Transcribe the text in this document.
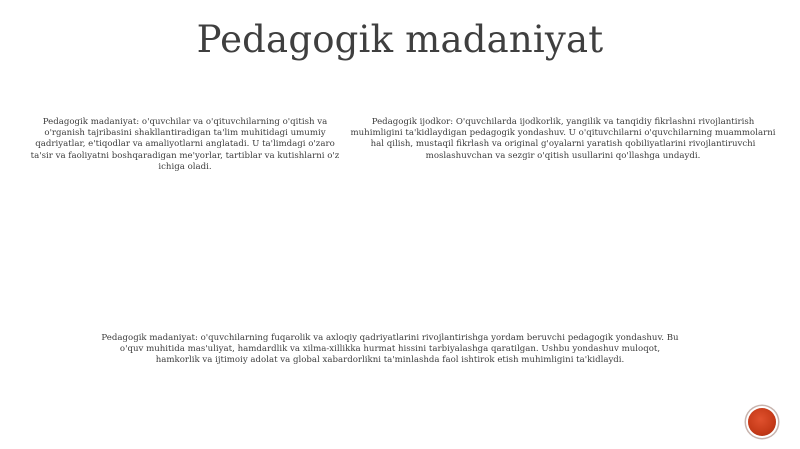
Pedagogik madaniyat

Pedagogik madaniyat: o'quvchilar va o'qituvchilarning o'qitish va o'rganish tajribasini shakllantiradigan ta'lim muhitidagi umumiy qadriyatlar, e'tiqodlar va amaliyotlarni anglatadi. U ta'limdagi o'zaro ta'sir va faoliyatni boshqaradigan me'yorlar, tartiblar va kutishlarni o'z ichiga oladi.

Pedagogik ijodkor: O'quvchilarda ijodkorlik, yangilik va tanqidiy fikrlashni rivojlantirish muhimligini ta'kidlaydigan pedagogik yondashuv. U o'qituvchilarni o'quvchilarning muammolarni hal qilish, mustaqil fikrlash va original g'oyalarni yaratish qobiliyatlarini rivojlantiruvchi moslashuvchan va sezgir o'qitish usullarini qo'llashga undaydi.

Pedagogik madaniyat: o'quvchilarning fuqarolik va axloqiy qadriyatlarini rivojlantirishga yordam beruvchi pedagogik yondashuv. Bu o'quv muhitida mas'uliyat, hamdardlik va xilma-xillikka hurmat hissini tarbiyalashga qaratilgan. Ushbu yondashuv muloqot, hamkorlik va ijtimoiy adolat va global xabardorlikni ta'minlashda faol ishtirok etish muhimligini ta'kidlaydi.
